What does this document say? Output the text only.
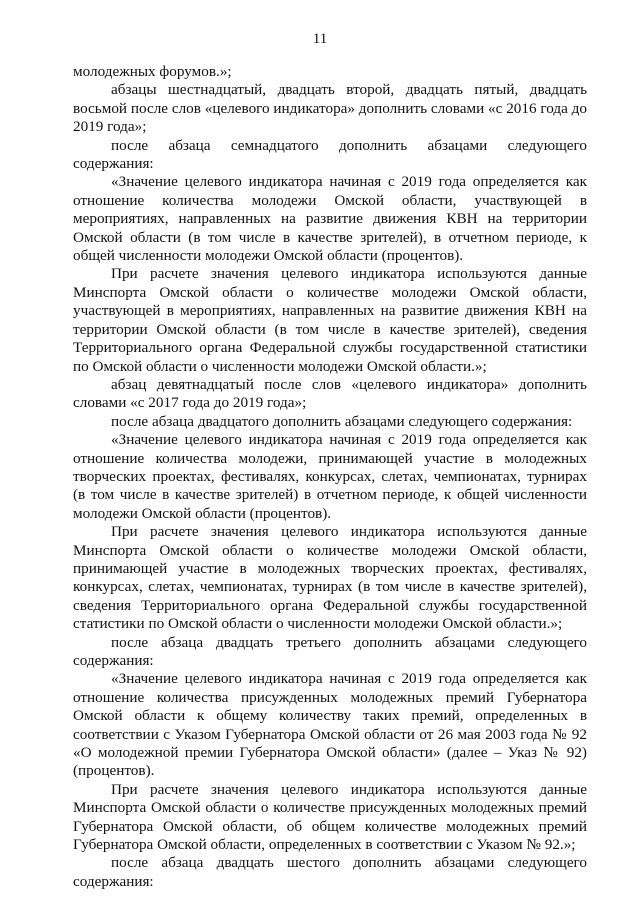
11

молодежных форумов.»;

абзацы шестнадцатый, двадцать второй, двадцать пятый, двадцать восьмой после слов «целевого индикатора» дополнить словами «с 2016 года до 2019 года»;

после абзаца семнадцатого дополнить абзацами следующего содержания:

«Значение целевого индикатора начиная с 2019 года определяется как отношение количества молодежи Омской области, участвующей в мероприятиях, направленных на развитие движения КВН на территории Омской области (в том числе в качестве зрителей), в отчетном периоде, к общей численности молодежи Омской области (процентов).

При расчете значения целевого индикатора используются данные Минспорта Омской области о количестве молодежи Омской области, участвующей в мероприятиях, направленных на развитие движения КВН на территории Омской области (в том числе в качестве зрителей), сведения Территориального органа Федеральной службы государственной статистики по Омской области о численности молодежи Омской области.»;

абзац девятнадцатый после слов «целевого индикатора» дополнить словами «с 2017 года до 2019 года»;

после абзаца двадцатого дополнить абзацами следующего содержания:

«Значение целевого индикатора начиная с 2019 года определяется как отношение количества молодежи, принимающей участие в молодежных творческих проектах, фестивалях, конкурсах, слетах, чемпионатах, турнирах (в том числе в качестве зрителей) в отчетном периоде, к общей численности молодежи Омской области (процентов).

При расчете значения целевого индикатора используются данные Минспорта Омской области о количестве молодежи Омской области, принимающей участие в молодежных творческих проектах, фестивалях, конкурсах, слетах, чемпионатах, турнирах (в том числе в качестве зрителей), сведения Территориального органа Федеральной службы государственной статистики по Омской области о численности молодежи Омской области.»;

после абзаца двадцать третьего дополнить абзацами следующего содержания:

«Значение целевого индикатора начиная с 2019 года определяется как отношение количества присужденных молодежных премий Губернатора Омской области к общему количеству таких премий, определенных в соответствии с Указом Губернатора Омской области от 26 мая 2003 года № 92 «О молодежной премии Губернатора Омской области» (далее – Указ № 92) (процентов).

При расчете значения целевого индикатора используются данные Минспорта Омской области о количестве присужденных молодежных премий Губернатора Омской области, об общем количестве молодежных премий Губернатора Омской области, определенных в соответствии с Указом № 92.»;

после абзаца двадцать шестого дополнить абзацами следующего содержания:
